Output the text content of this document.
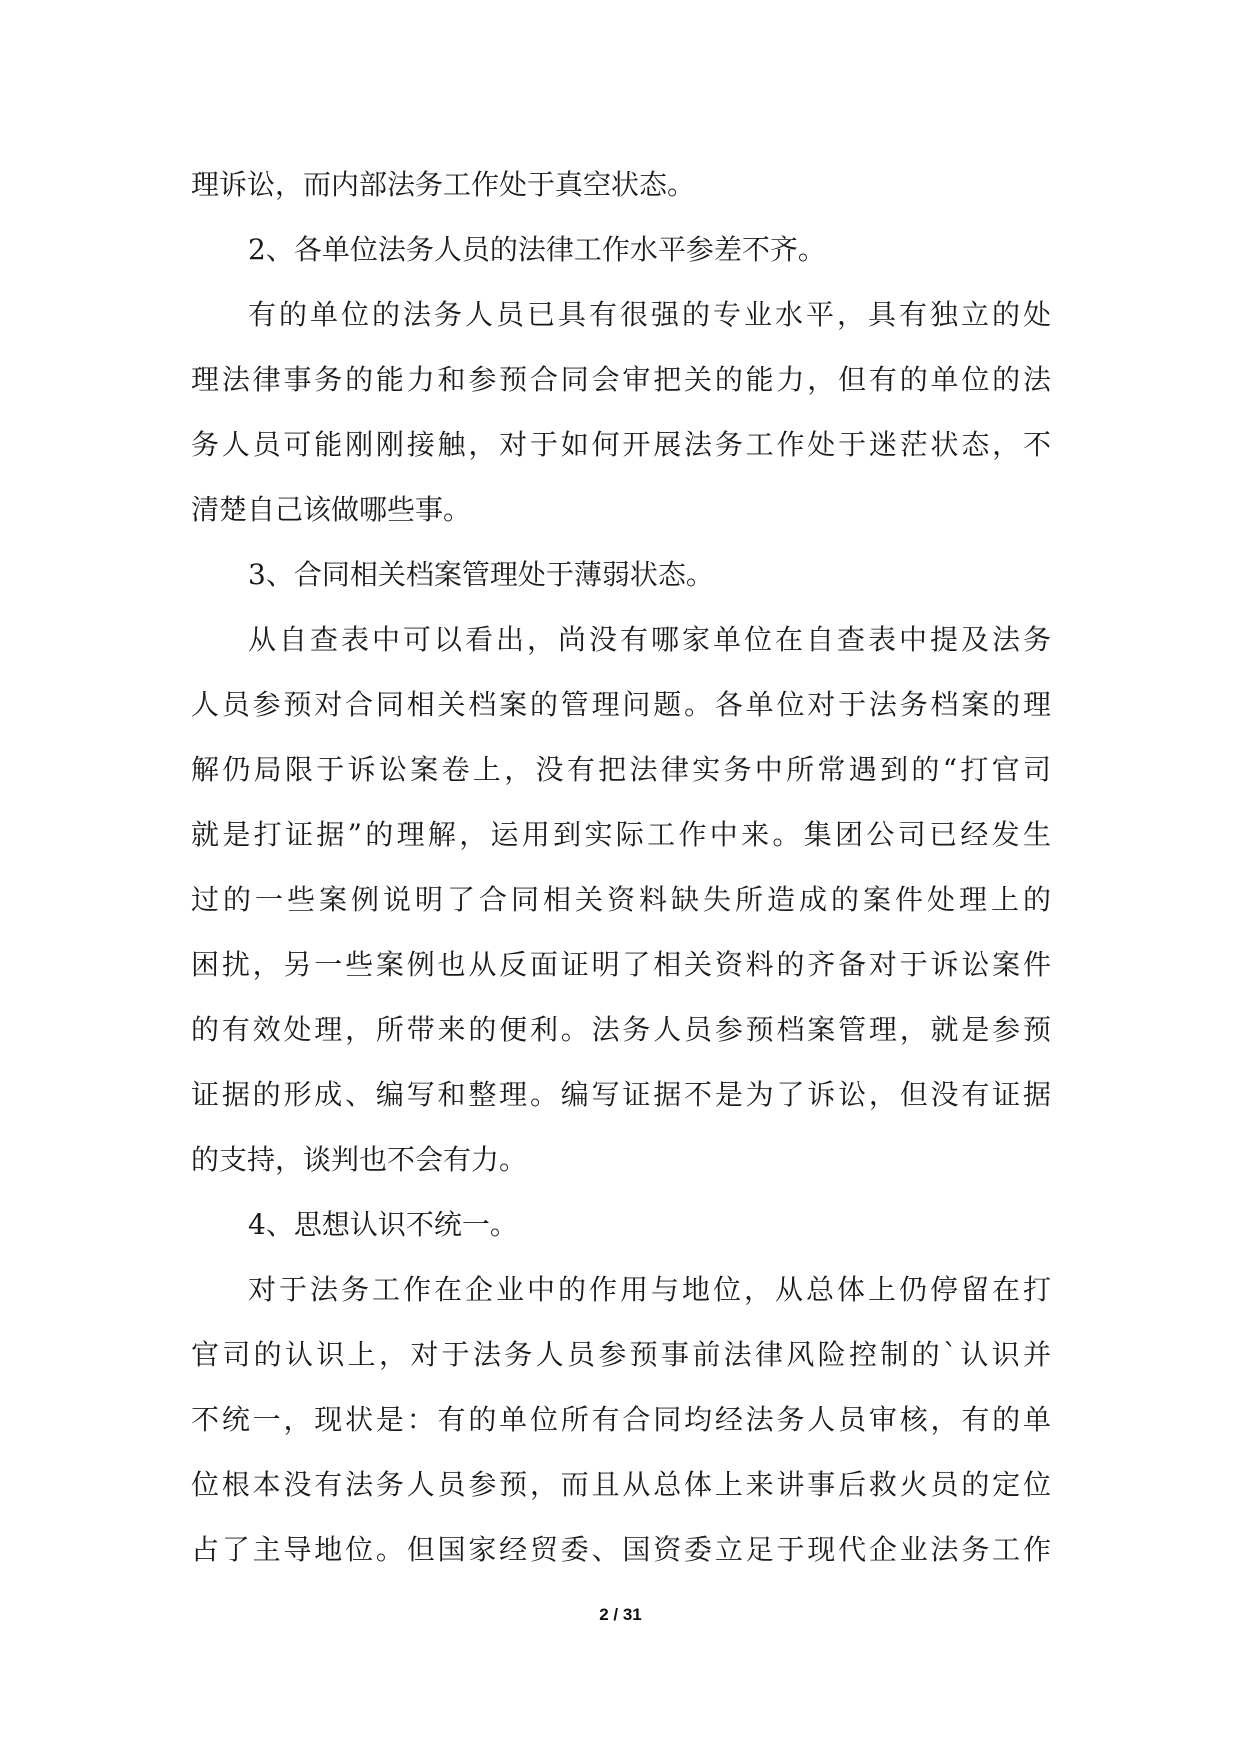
理诉讼，而内部法务工作处于真空状态。
2、各单位法务人员的法律工作水平参差不齐。
有的单位的法务人员已具有很强的专业水平，具有独立的处
理法律事务的能力和参预合同会审把关的能力，但有的单位的法
务人员可能刚刚接触，对于如何开展法务工作处于迷茫状态，不
清楚自己该做哪些事。
3、合同相关档案管理处于薄弱状态。
从自查表中可以看出，尚没有哪家单位在自查表中提及法务
人员参预对合同相关档案的管理问题。各单位对于法务档案的理
解仍局限于诉讼案卷上，没有把法律实务中所常遇到的“打官司
就是打证据”的理解，运用到实际工作中来。集团公司已经发生
过的一些案例说明了合同相关资料缺失所造成的案件处理上的
困扰，另一些案例也从反面证明了相关资料的齐备对于诉讼案件
的有效处理，所带来的便利。法务人员参预档案管理，就是参预
证据的形成、编写和整理。编写证据不是为了诉讼，但没有证据
的支持，谈判也不会有力。
4、思想认识不统一。
对于法务工作在企业中的作用与地位，从总体上仍停留在打
官司的认识上，对于法务人员参预事前法律风险控制的`认识并
不统一，现状是：有的单位所有合同均经法务人员审核，有的单
位根本没有法务人员参预，而且从总体上来讲事后救火员的定位
占了主导地位。但国家经贸委、国资委立足于现代企业法务工作
2 / 31
